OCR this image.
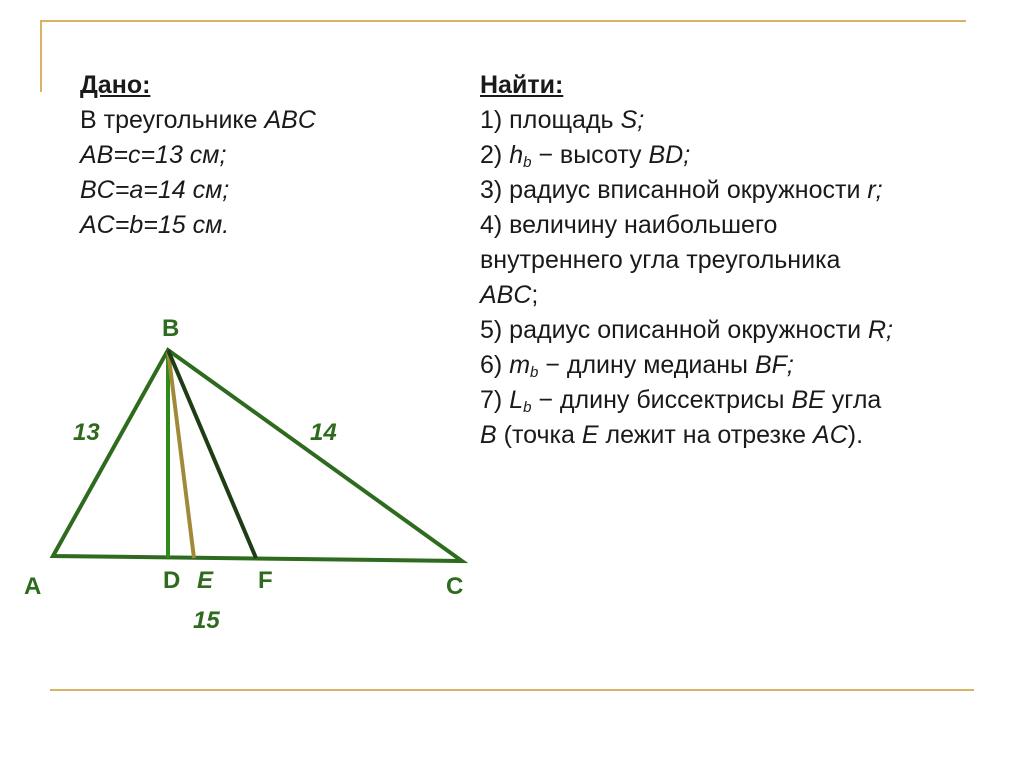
Дано:
В треугольнике ABC
AB=c=13 см;
BC=a=14 см;
AC=b=15 см.
Найти:
1) площадь S;
2) $h_b$ − высоту BD;
3) радиус вписанной окружности r;
4) величину наибольшего
внутреннего угла треугольника
ABC;
5) радиус описанной окружности R;
6) $m_b$ − длину медианы BF;
7) $L_b$ − длину биссектрисы BE угла
B (точка E лежит на отрезке AC).
B
A	C
D E F
13	14
15
